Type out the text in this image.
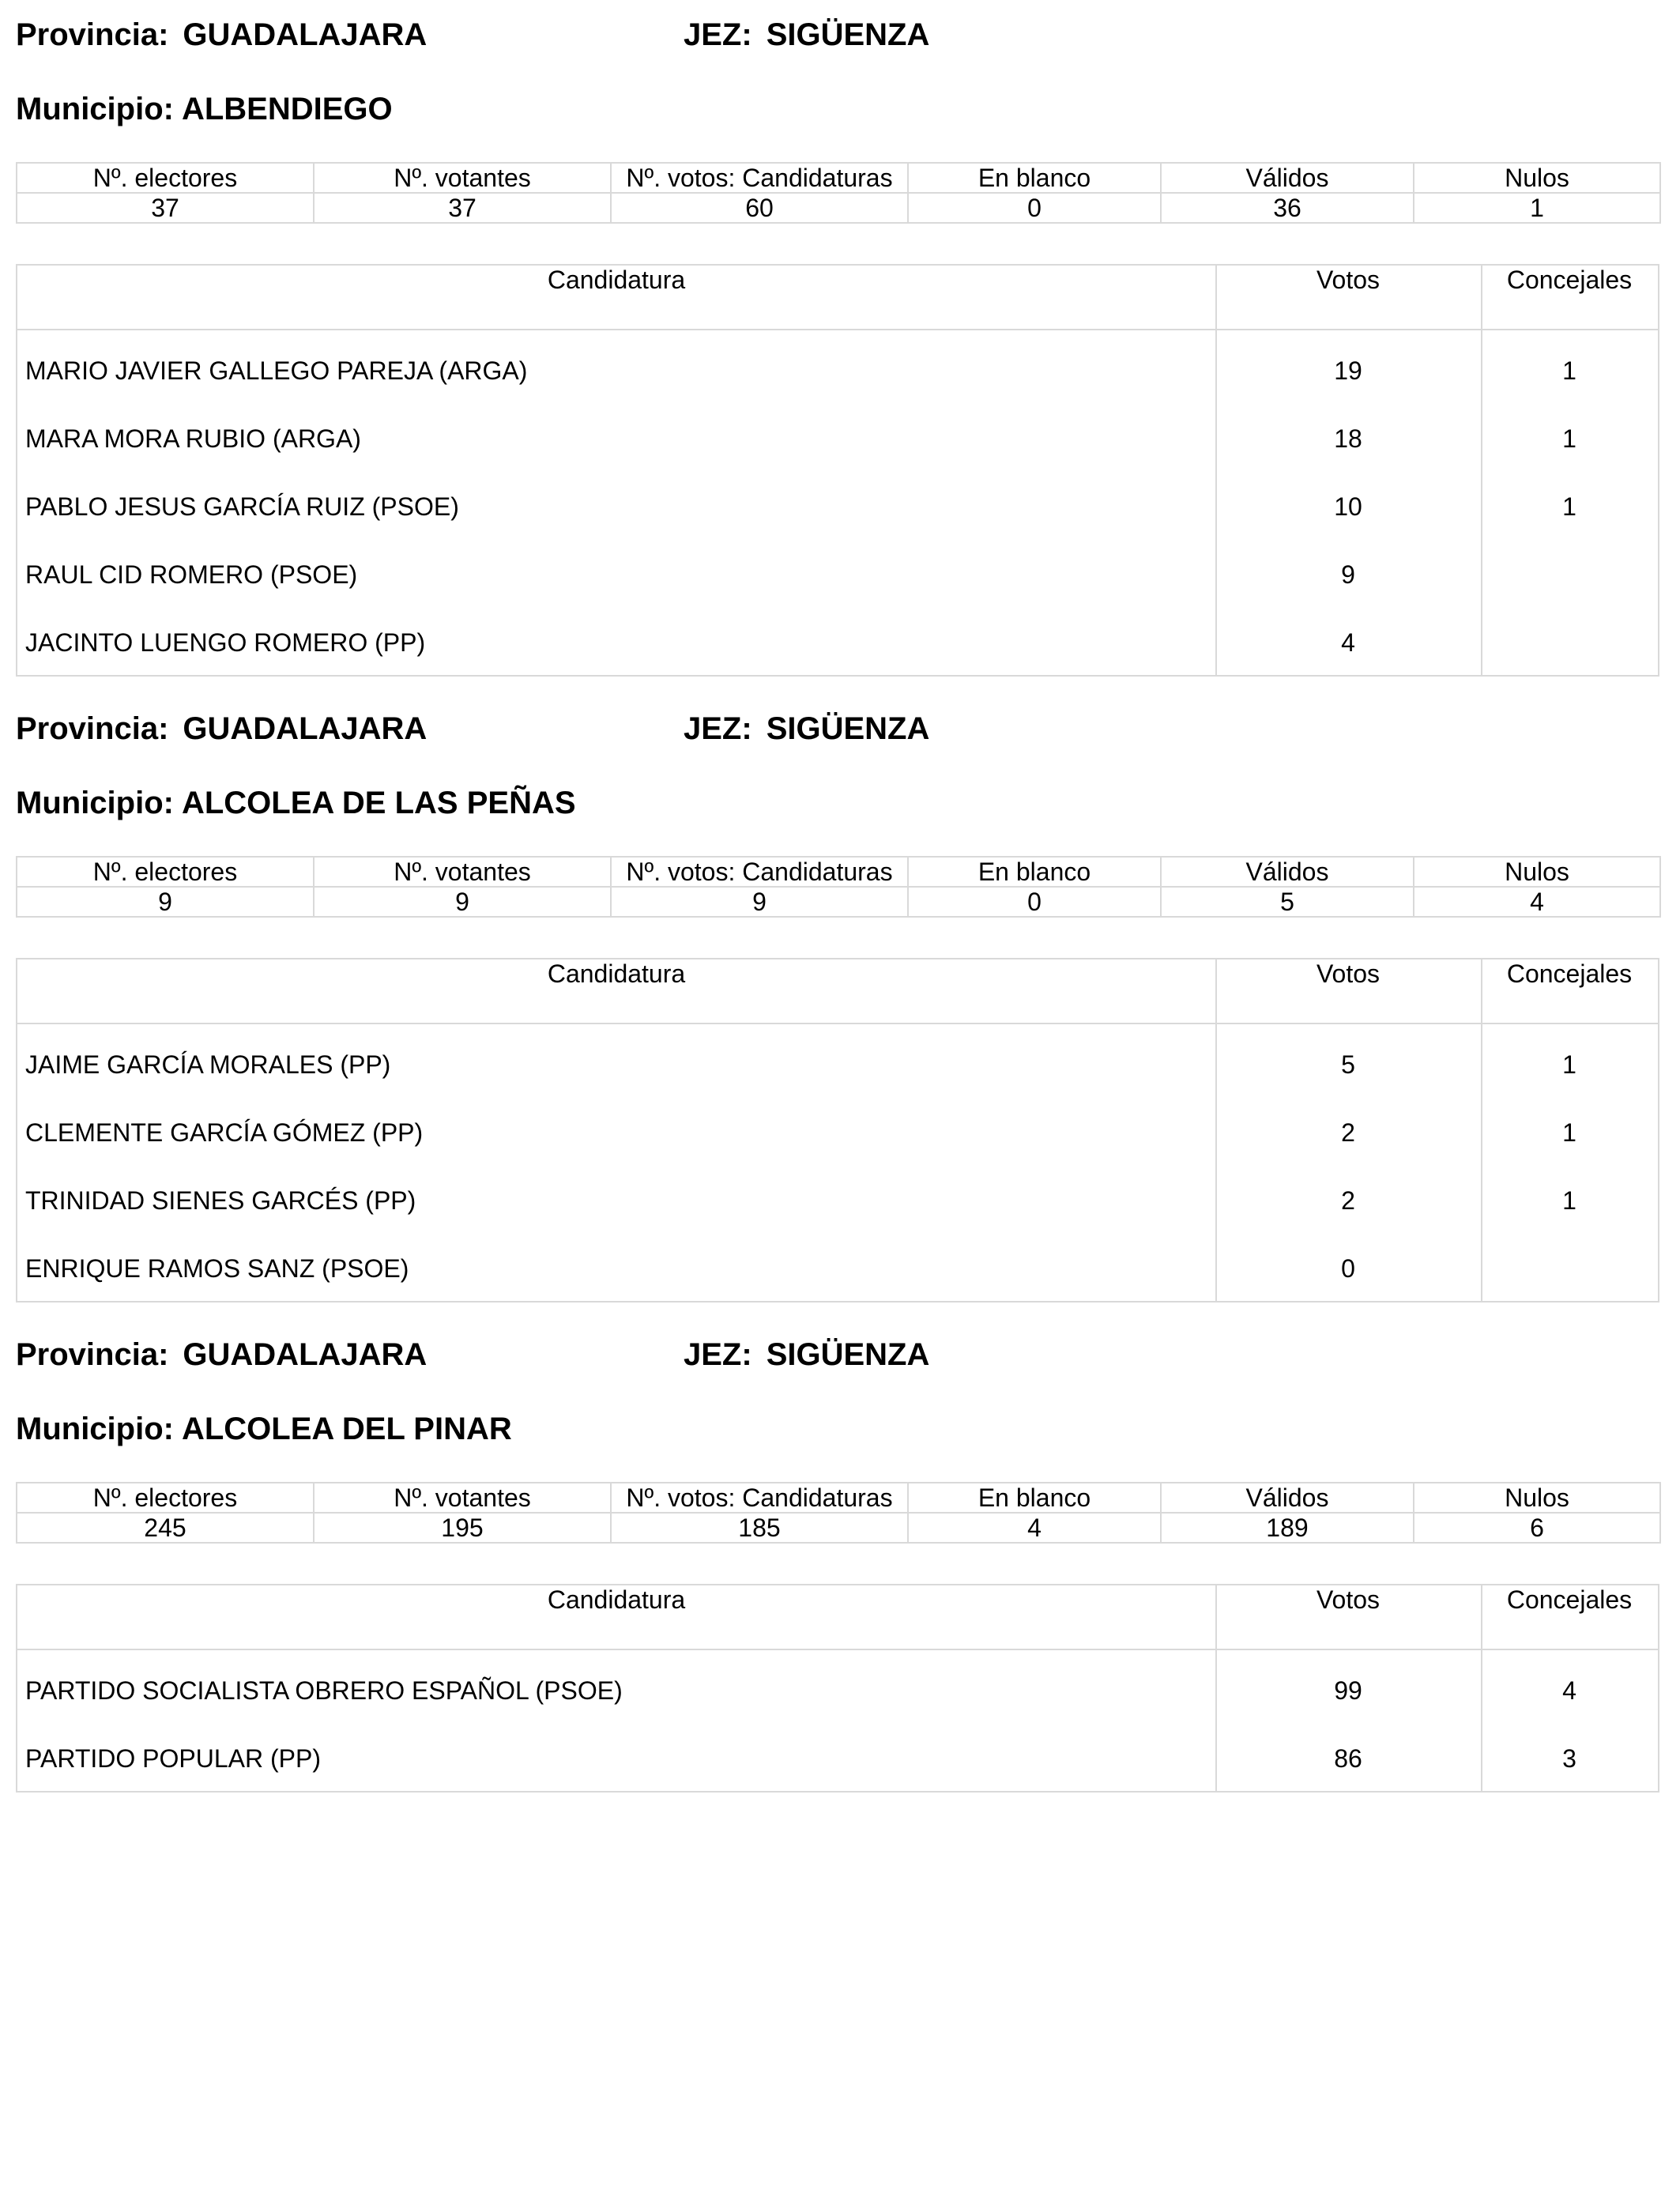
Provincia: GUADALAJARA	JEZ: SIGÜENZA
Municipio: ALBENDIEGO
Nº. electores	Nº. votantes	Nº. votos: Candidaturas	En blanco	Válidos	Nulos
37	37	60	0	36	1
Candidatura	Votos	Concejales
MARIO JAVIER GALLEGO PAREJA (ARGA)	19	1
MARA MORA RUBIO (ARGA)	18	1
PABLO JESUS GARCÍA RUIZ (PSOE)	10	1
RAUL CID ROMERO (PSOE)	9
JACINTO LUENGO ROMERO (PP)	4
Provincia: GUADALAJARA	JEZ: SIGÜENZA
Municipio: ALCOLEA DE LAS PEÑAS
Nº. electores	Nº. votantes	Nº. votos: Candidaturas	En blanco	Válidos	Nulos
9	9	9	0	5	4
Candidatura	Votos	Concejales
JAIME GARCÍA MORALES (PP)	5	1
CLEMENTE GARCÍA GÓMEZ (PP)	2	1
TRINIDAD SIENES GARCÉS (PP)	2	1
ENRIQUE RAMOS SANZ (PSOE)	0
Provincia: GUADALAJARA	JEZ: SIGÜENZA
Municipio: ALCOLEA DEL PINAR
Nº. electores	Nº. votantes	Nº. votos: Candidaturas	En blanco	Válidos	Nulos
245	195	185	4	189	6
Candidatura	Votos	Concejales
PARTIDO SOCIALISTA OBRERO ESPAÑOL (PSOE)	99	4
PARTIDO POPULAR (PP)	86	3
